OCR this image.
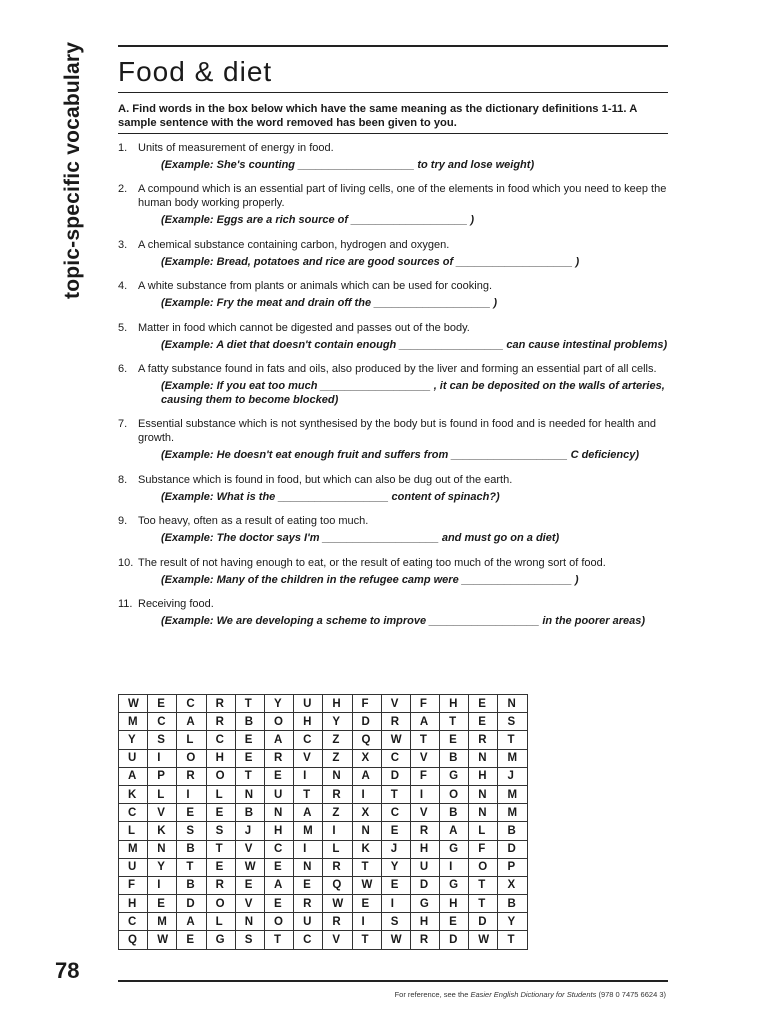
topic-specific vocabulary
78
Food & diet
A. Find words in the box below which have the same meaning as the dictionary definitions 1-11. A sample sentence with the word removed has been given to you.
1. Units of measurement of energy in food.
(Example: She's counting ___________________ to try and lose weight)
2. A compound which is an essential part of living cells, one of the elements in food which you need to keep the human body working properly.
(Example: Eggs are a rich source of ___________________ )
3. A chemical substance containing carbon, hydrogen and oxygen.
(Example: Bread, potatoes and rice are good sources of ___________________ )
4. A white substance from plants or animals which can be used for cooking.
(Example: Fry the meat and drain off the ___________________ )
5. Matter in food which cannot be digested and passes out of the body.
(Example: A diet that doesn't contain enough _________________ can cause intestinal problems)
6. A fatty substance found in fats and oils, also produced by the liver and forming an essential part of all cells.
(Example: If you eat too much __________________ , it can be deposited on the walls of arteries, causing them to become blocked)
7. Essential substance which is not synthesised by the body but is found in food and is needed for health and growth.
(Example: He doesn't eat enough fruit and suffers from ___________________ C deficiency)
8. Substance which is found in food, but which can also be dug out of the earth.
(Example: What is the __________________ content of spinach?)
9. Too heavy, often as a result of eating too much.
(Example: The doctor says I'm ___________________ and must go on a diet)
10. The result of not having enough to eat, or the result of eating too much of the wrong sort of food.
(Example: Many of the children in the refugee camp were __________________ )
11. Receiving food.
(Example: We are developing a scheme to improve __________________ in the poorer areas)
W	E	C	R	T	Y	U	H	F	V	F	H	E	N
M	C	A	R	B	O	H	Y	D	R	A	T	E	S
Y	S	L	C	E	A	C	Z	Q	W	T	E	R	T
U	I	O	H	E	R	V	Z	X	C	V	B	N	M
A	P	R	O	T	E	I	N	A	D	F	G	H	J
K	L	I	L	N	U	T	R	I	T	I	O	N	M
C	V	E	E	B	N	A	Z	X	C	V	B	N	M
L	K	S	S	J	H	M	I	N	E	R	A	L	B
M	N	B	T	V	C	I	L	K	J	H	G	F	D
U	Y	T	E	W	E	N	R	T	Y	U	I	O	P
F	I	B	R	E	A	E	Q	W	E	D	G	T	X
H	E	D	O	V	E	R	W	E	I	G	H	T	B
C	M	A	L	N	O	U	R	I	S	H	E	D	Y
Q	W	E	G	S	T	C	V	T	W	R	D	W	T
For reference, see the Easier English Dictionary for Students (978 0 7475 6624 3)
